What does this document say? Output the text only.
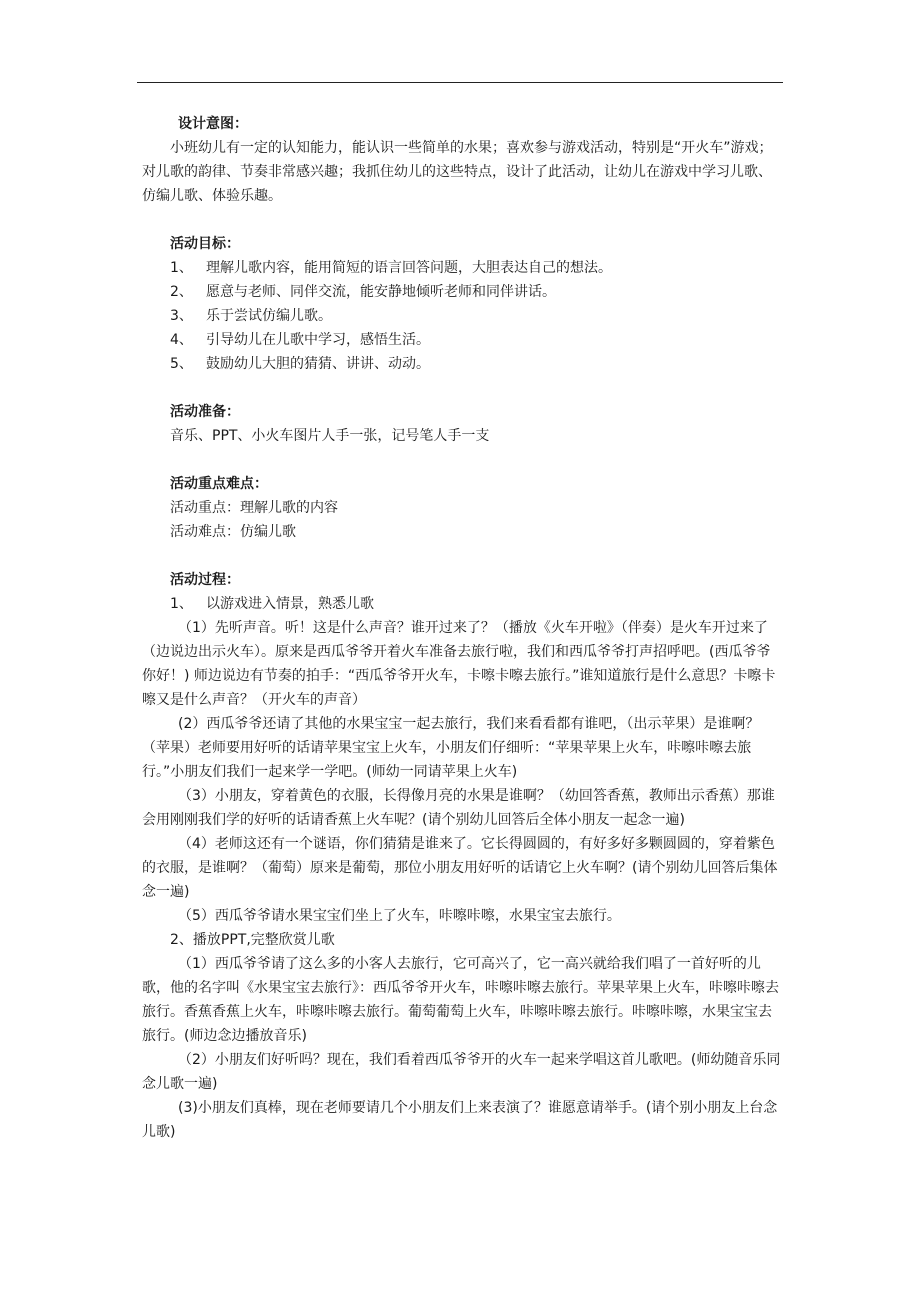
设计意图：

小班幼儿有一定的认知能力，能认识一些简单的水果；喜欢参与游戏活动，特别是“开火车”游戏；对儿歌的韵律、节奏非常感兴趣；我抓住幼儿的这些特点，设计了此活动，让幼儿在游戏中学习儿歌、仿编儿歌、体验乐趣。

活动目标：

1、 理解儿歌内容，能用简短的语言回答问题，大胆表达自己的想法。
2、 愿意与老师、同伴交流，能安静地倾听老师和同伴讲话。
3、 乐于尝试仿编儿歌。
4、 引导幼儿在儿歌中学习，感悟生活。
5、 鼓励幼儿大胆的猜猜、讲讲、动动。

活动准备：

音乐、PPT、小火车图片人手一张，记号笔人手一支

活动重点难点：

活动重点：理解儿歌的内容

活动难点：仿编儿歌

活动过程：

1、 以游戏进入情景，熟悉儿歌

（1）先听声音。听！这是什么声音？谁开过来了？（播放《火车开啦》（伴奏）是火车开过来了（边说边出示火车）。原来是西瓜爷爷开着火车准备去旅行啦，我们和西瓜爷爷打声招呼吧。(西瓜爷爷你好！) 师边说边有节奏的拍手：“西瓜爷爷开火车，卡嚓卡嚓去旅行。”谁知道旅行是什么意思？卡嚓卡嚓又是什么声音？（开火车的声音）

(2）西瓜爷爷还请了其他的水果宝宝一起去旅行，我们来看看都有谁吧，（出示苹果）是谁啊？（苹果）老师要用好听的话请苹果宝宝上火车，小朋友们仔细听：“苹果苹果上火车，咔嚓咔嚓去旅行。”小朋友们我们一起来学一学吧。(师幼一同请苹果上火车)

（3）小朋友，穿着黄色的衣服，长得像月亮的水果是谁啊？（幼回答香蕉，教师出示香蕉）那谁会用刚刚我们学的好听的话请香蕉上火车呢？(请个别幼儿回答后全体小朋友一起念一遍)

（4）老师这还有一个谜语，你们猜猜是谁来了。它长得圆圆的，有好多好多颗圆圆的，穿着紫色的衣服，是谁啊？（葡萄）原来是葡萄，那位小朋友用好听的话请它上火车啊？(请个别幼儿回答后集体念一遍)

（5）西瓜爷爷请水果宝宝们坐上了火车，咔嚓咔嚓，水果宝宝去旅行。

2、播放PPT,完整欣赏儿歌

（1）西瓜爷爷请了这么多的小客人去旅行，它可高兴了，它一高兴就给我们唱了一首好听的儿歌，他的名字叫《水果宝宝去旅行》：西瓜爷爷开火车，咔嚓咔嚓去旅行。苹果苹果上火车，咔嚓咔嚓去旅行。香蕉香蕉上火车，咔嚓咔嚓去旅行。葡萄葡萄上火车，咔嚓咔嚓去旅行。咔嚓咔嚓，水果宝宝去旅行。(师边念边播放音乐)

（2）小朋友们好听吗？现在，我们看着西瓜爷爷开的火车一起来学唱这首儿歌吧。(师幼随音乐同念儿歌一遍)

(3)小朋友们真棒，现在老师要请几个小朋友们上来表演了？谁愿意请举手。(请个别小朋友上台念儿歌)
